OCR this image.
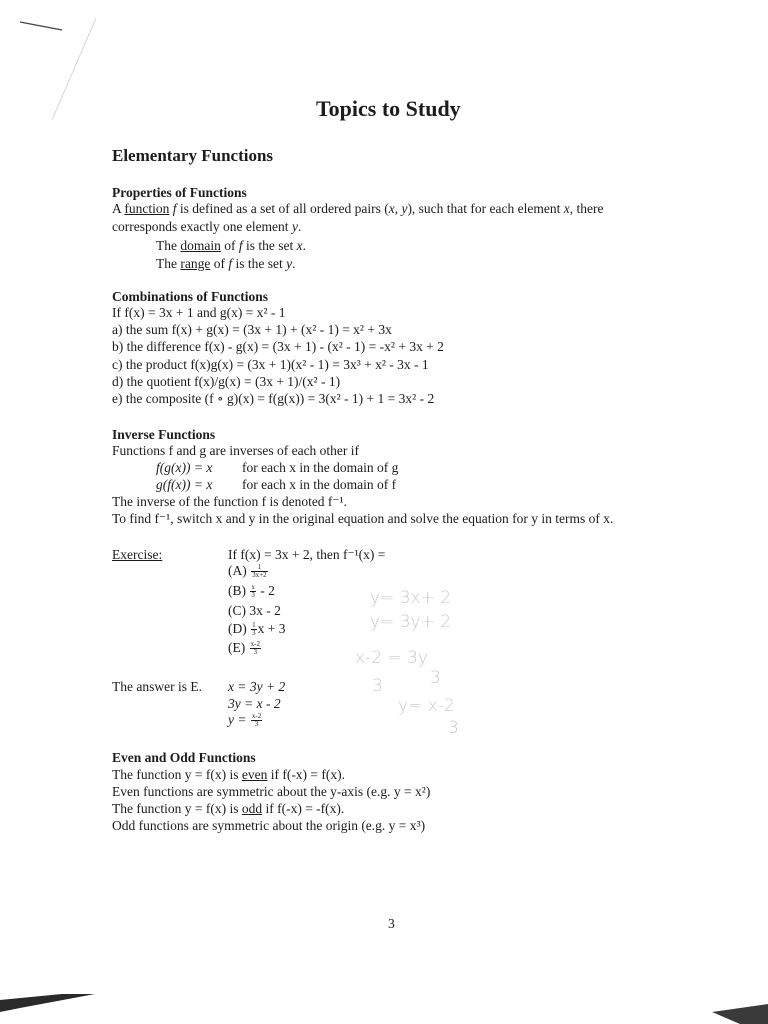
Topics to Study
Elementary Functions
Properties of Functions
A function f is defined as a set of all ordered pairs (x, y), such that for each element x, there
corresponds exactly one element y.
The domain of f is the set x.
The range of f is the set y.
Combinations of Functions
If f(x) = 3x + 1 and g(x) = x² - 1
a) the sum f(x) + g(x) = (3x + 1) + (x² - 1) = x² + 3x
b) the difference f(x) - g(x) = (3x + 1) - (x² - 1) = -x² + 3x + 2
c) the product f(x)g(x) = (3x + 1)(x² - 1) = 3x³ + x² - 3x - 1
d) the quotient f(x)/g(x) = (3x + 1)/(x² - 1)
e) the composite (f ∘ g)(x) = f(g(x)) = 3(x² - 1) + 1 = 3x² - 2
Inverse Functions
Functions f and g are inverses of each other if
f(g(x)) = x for each x in the domain of g
g(f(x)) = x for each x in the domain of f
The inverse of the function f is denoted f⁻¹.
To find f⁻¹, switch x and y in the original equation and solve the equation for y in terms of x.
Exercise:	If f(x) = 3x + 2, then f⁻¹(x) =
$(A) \frac{1}{3x+2}$
$(B) \frac{x}{3} - 2$
(C) 3x - 2
$(D) \frac{1}{3}$ x + 3
$(E) \frac{x-2}{3}$
The answer is E. x = 3y + 2
3y = x - 2
$y = \frac{x-2}{3}$
y= 3x+ 2
y= 3y+ 2
x-2 = 3y
3	3
y= x-2
3
Even and Odd Functions
The function y = f(x) is even if f(-x) = f(x).
Even functions are symmetric about the y-axis (e.g. y = x²)
The function y = f(x) is odd if f(-x) = -f(x).
Odd functions are symmetric about the origin (e.g. y = x³)
3
